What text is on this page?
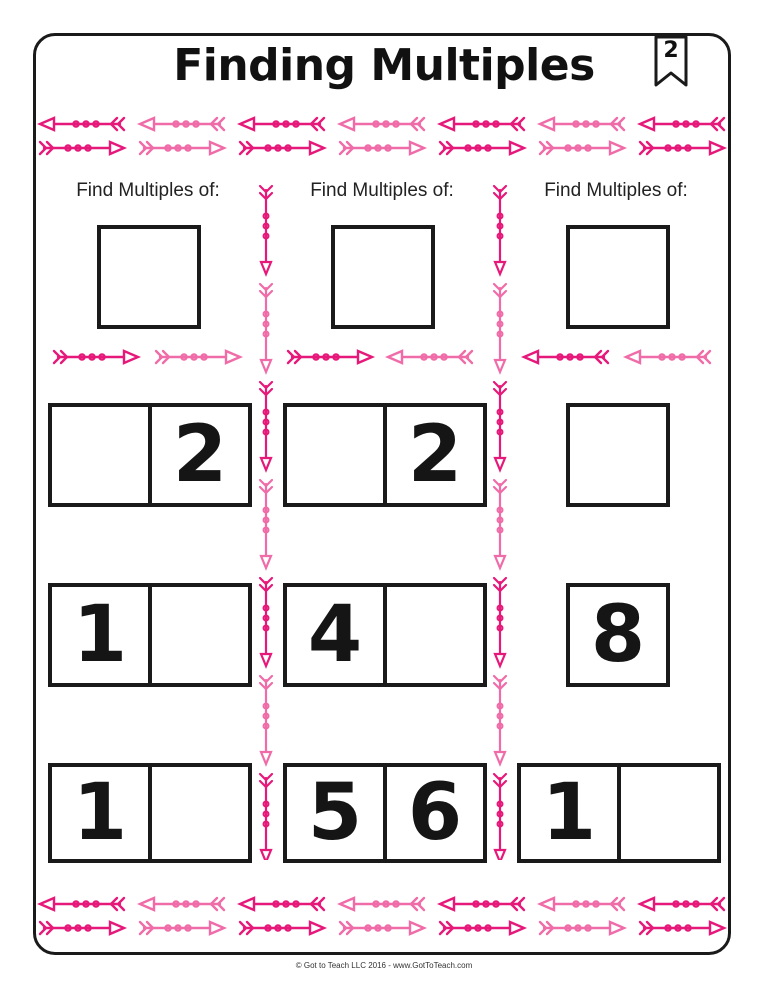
Finding Multiples	2
Find Multiples of:	Find Multiples of:	Find Multiples of:
2	2
1	4	8
1	5 6	1
© Got to Teach LLC 2016 - www.GotToTeach.com
